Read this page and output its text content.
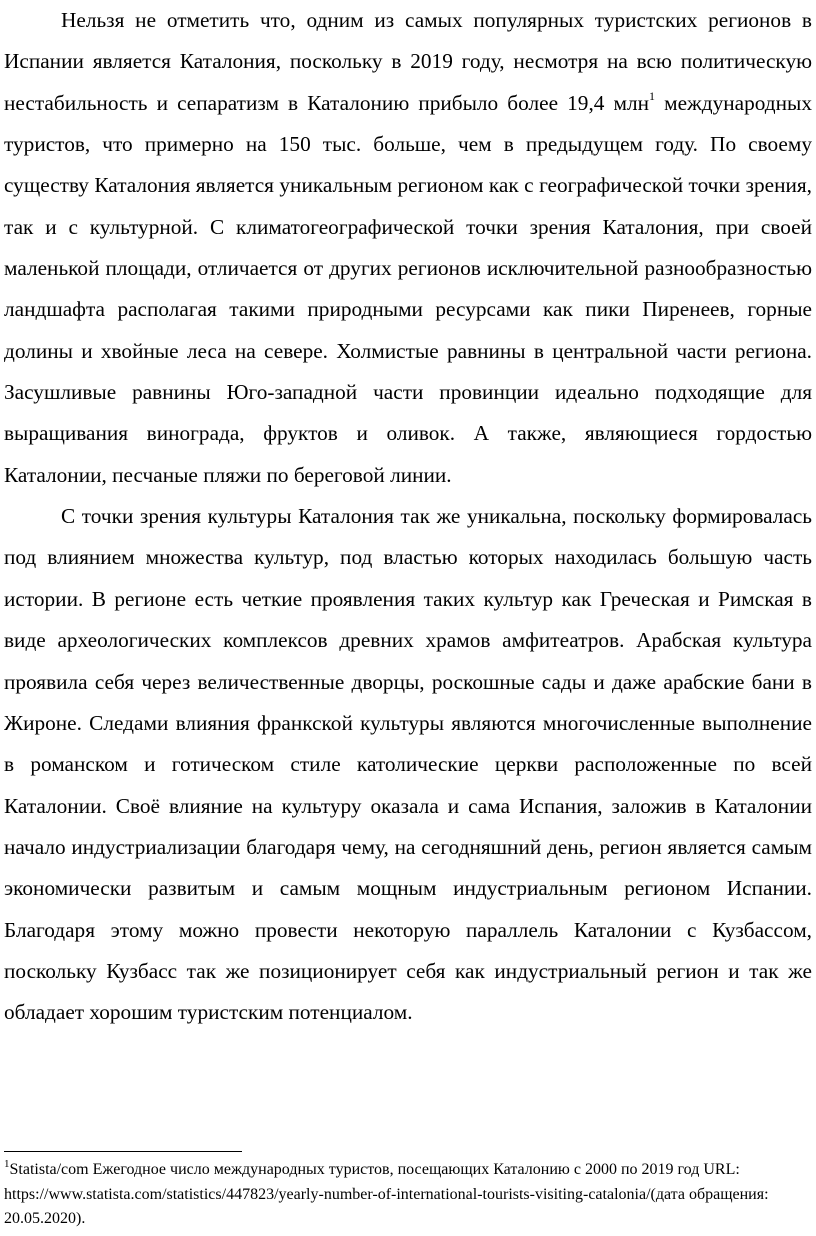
Нельзя не отметить что, одним из самых популярных туристских регионов в Испании является Каталония, поскольку в 2019 году, несмотря на всю политическую нестабильность и сепаратизм в Каталонию прибыло более 19,4 млн$^1$ международных туристов, что примерно на 150 тыс. больше, чем в предыдущем году. По своему существу Каталония является уникальным регионом как с географической точки зрения, так и с культурной. С климатогеографической точки зрения Каталония, при своей маленькой площади, отличается от других регионов исключительной разнообразностью ландшафта располагая такими природными ресурсами как пики Пиренеев, горные долины и хвойные леса на севере. Холмистые равнины в центральной части региона. Засушливые равнины Юго-западной части провинции идеально подходящие для выращивания винограда, фруктов и оливок. А также, являющиеся гордостью Каталонии, песчаные пляжи по береговой линии.

С точки зрения культуры Каталония так же уникальна, поскольку формировалась под влиянием множества культур, под властью которых находилась большую часть истории. В регионе есть четкие проявления таких культур как Греческая и Римская в виде археологических комплексов древних храмов амфитеатров. Арабская культура проявила себя через величественные дворцы, роскошные сады и даже арабские бани в Жироне. Следами влияния франкской культуры являются многочисленные выполнение в романском и готическом стиле католические церкви расположенные по всей Каталонии. Своё влияние на культуру оказала и сама Испания, заложив в Каталонии начало индустриализации благодаря чему, на сегодняшний день, регион является самым экономически развитым и самым мощным индустриальным регионом Испании. Благодаря этому можно провести некоторую параллель Каталонии с Кузбассом, поскольку Кузбасс так же позиционирует себя как индустриальный регион и так же обладает хорошим туристским потенциалом.

$^1$Statista/com Ежегодное число международных туристов, посещающих Каталонию с 2000 по 2019 год URL: https://www.statista.com/statistics/447823/yearly-number-of-international-tourists-visiting-catalonia/(дата обращения: 20.05.2020).
